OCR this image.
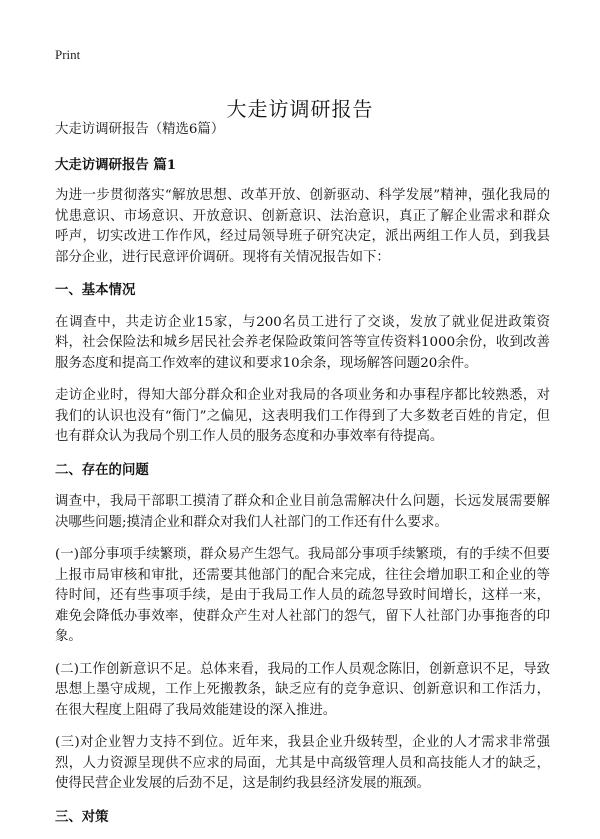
Print
大走访调研报告

大走访调研报告（精选6篇）

大走访调研报告 篇1

为进一步贯彻落实“解放思想、改革开放、创新驱动、科学发展”精神，强化我局的忧患意识、市场意识、开放意识、创新意识、法治意识，真正了解企业需求和群众呼声，切实改进工作作风，经过局领导班子研究决定，派出两组工作人员，到我县部分企业，进行民意评价调研。现将有关情况报告如下：

一、基本情况

在调查中，共走访企业15家，与200名员工进行了交谈，发放了就业促进政策资料，社会保险法和城乡居民社会养老保险政策问答等宣传资料1000余份，收到改善服务态度和提高工作效率的建议和要求10余条，现场解答问题20余件。

走访企业时，得知大部分群众和企业对我局的各项业务和办事程序都比较熟悉，对我们的认识也没有“衙门”之偏见，这表明我们工作得到了大多数老百姓的肯定，但也有群众认为我局个别工作人员的服务态度和办事效率有待提高。

二、存在的问题

调查中，我局干部职工摸清了群众和企业目前急需解决什么问题，长远发展需要解决哪些问题;摸清企业和群众对我们人社部门的工作还有什么要求。

(一)部分事项手续繁琐，群众易产生怨气。我局部分事项手续繁琐，有的手续不但要上报市局审核和审批，还需要其他部门的配合来完成，往往会增加职工和企业的等待时间，还有些事项手续，是由于我局工作人员的疏忽导致时间增长，这样一来，难免会降低办事效率，使群众产生对人社部门的怨气，留下人社部门办事拖沓的印象。

(二)工作创新意识不足。总体来看，我局的工作人员观念陈旧，创新意识不足，导致思想上墨守成规，工作上死搬教条，缺乏应有的竞争意识、创新意识和工作活力，在很大程度上阻碍了我局效能建设的深入推进。

(三)对企业智力支持不到位。近年来，我县企业升级转型，企业的人才需求非常强烈，人力资源呈现供不应求的局面，尤其是中高级管理人员和高技能人才的缺乏，使得民营企业发展的后劲不足，这是制约我县经济发展的瓶颈。

三、对策
